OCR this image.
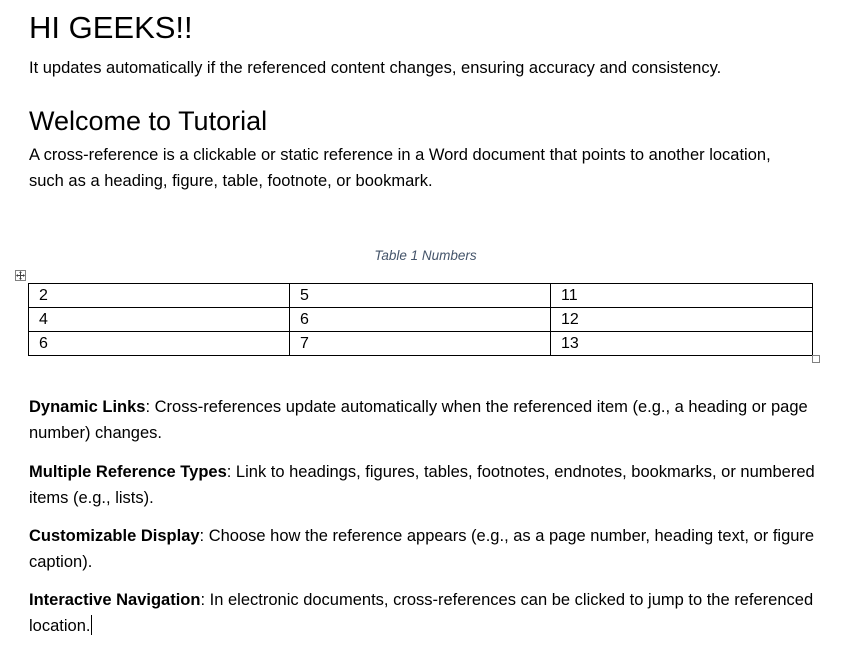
HI GEEKS!!

It updates automatically if the referenced content changes, ensuring accuracy and consistency.

Welcome to Tutorial

A cross-reference is a clickable or static reference in a Word document that points to another location, such as a heading, figure, table, footnote, or bookmark.

Table 1 Numbers

2	5	11
4	6	12
6	7	13

Dynamic Links: Cross-references update automatically when the referenced item (e.g., a heading or page number) changes.

Multiple Reference Types: Link to headings, figures, tables, footnotes, endnotes, bookmarks, or numbered items (e.g., lists).

Customizable Display: Choose how the reference appears (e.g., as a page number, heading text, or figure caption).

Interactive Navigation: In electronic documents, cross-references can be clicked to jump to the referenced location.
